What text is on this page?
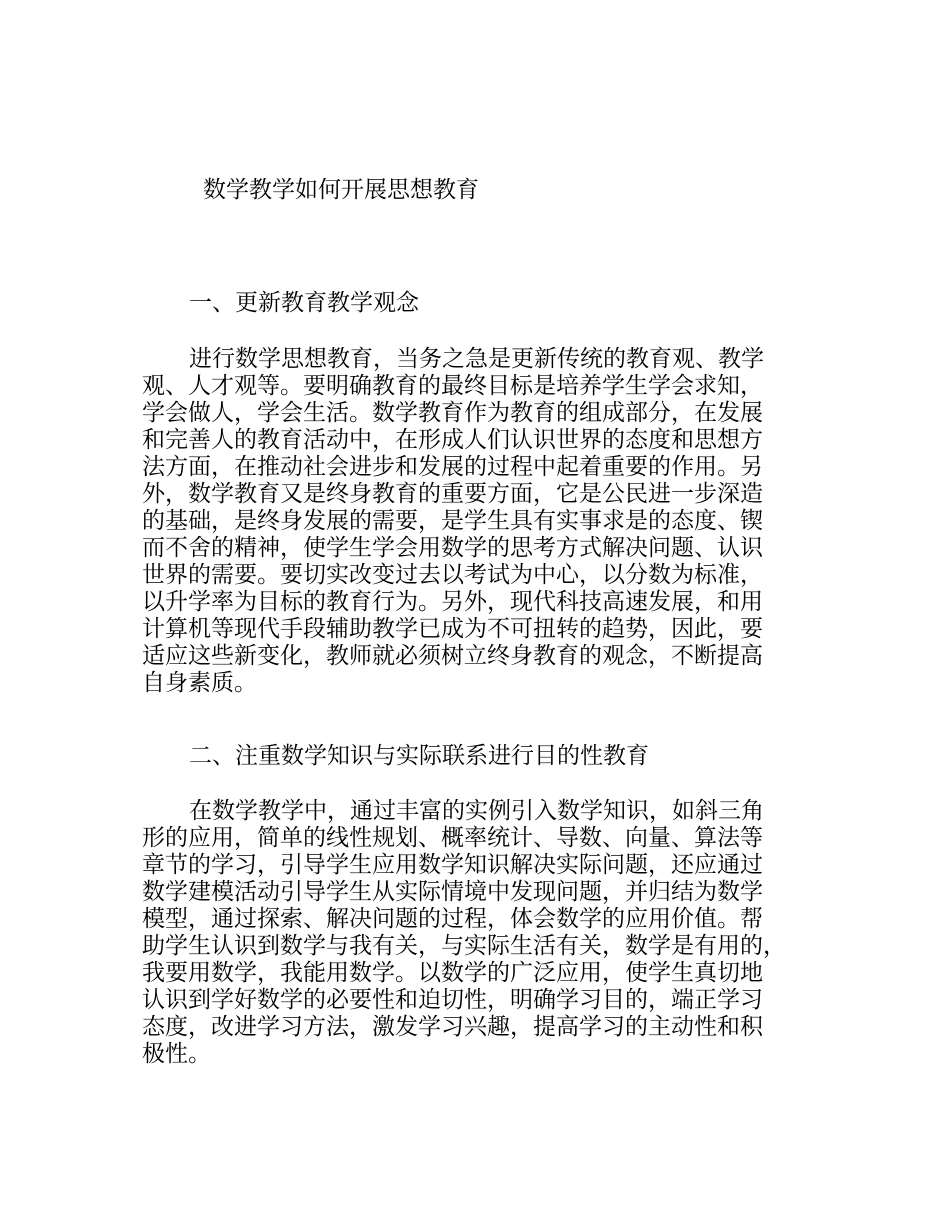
数学教学如何开展思想教育
一、更新教育教学观念

进行数学思想教育，当务之急是更新传统的教育观、教学
观、人才观等。要明确教育的最终目标是培养学生学会求知，
学会做人，学会生活。数学教育作为教育的组成部分，在发展
和完善人的教育活动中，在形成人们认识世界的态度和思想方
法方面，在推动社会进步和发展的过程中起着重要的作用。另
外，数学教育又是终身教育的重要方面，它是公民进一步深造
的基础，是终身发展的需要，是学生具有实事求是的态度、锲
而不舍的精神，使学生学会用数学的思考方式解决问题、认识
世界的需要。要切实改变过去以考试为中心，以分数为标准，
以升学率为目标的教育行为。另外，现代科技高速发展，和用
计算机等现代手段辅助教学已成为不可扭转的趋势，因此，要
适应这些新变化，教师就必须树立终身教育的观念，不断提高
自身素质。

二、注重数学知识与实际联系进行目的性教育

在数学教学中，通过丰富的实例引入数学知识，如斜三角
形的应用，简单的线性规划、概率统计、导数、向量、算法等
章节的学习，引导学生应用数学知识解决实际问题，还应通过
数学建模活动引导学生从实际情境中发现问题，并归结为数学
模型，通过探索、解决问题的过程，体会数学的应用价值。帮
助学生认识到数学与我有关，与实际生活有关，数学是有用的，
我要用数学，我能用数学。以数学的广泛应用，使学生真切地
认识到学好数学的必要性和迫切性，明确学习目的，端正学习
态度，改进学习方法，激发学习兴趣，提高学习的主动性和积
极性。
